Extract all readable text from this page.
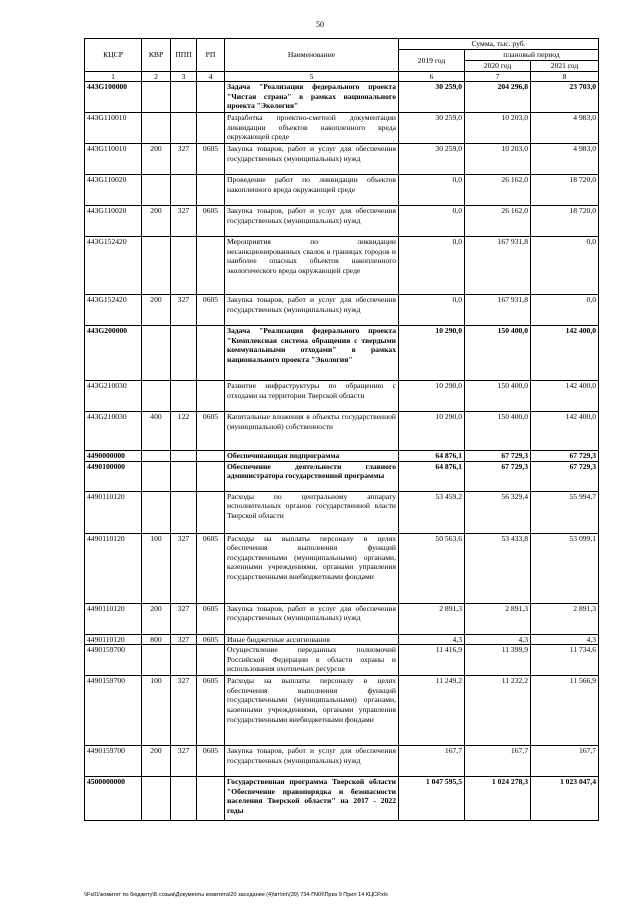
50
КЦСР	КВР	ППП	РП	Наименование	Сумма, тыс. руб.		
					2019 год	плановый период	
						2020 год	2021 год
1	2	3	4	5	6	7	8
443G100000				Задача "Реализация федерального проекта "Чистая страна" в рамках национального проекта "Экология"	30 259,0	204 296,8	23 703,0
443G110010				Разработка проектно-сметной документации ликвидации объектов накопленного вреда окружающей среде	30 259,0	10 203,0	4 983,0
443G110010	200	327	0605	Закупка товаров, работ и услуг для обеспечения государственных (муниципальных) нужд	30 259,0	10 203,0	4 983,0
443G110020				Проведение работ по ликвидации объектов накопленного вреда окружающей среде	0,0	26 162,0	18 720,0
443G110020	200	327	0605	Закупка товаров, работ и услуг для обеспечения государственных (муниципальных) нужд	0,0	26 162,0	18 720,0
443G152420				Мероприятия по ликвидации несанкционированных свалок в границах городов и наиболее опасных объектов накопленного экологического вреда окружающей среде	0,0	167 931,8	0,0
443G152420	200	327	0605	Закупка товаров, работ и услуг для обеспечения государственных (муниципальных) нужд	0,0	167 931,8	0,0
443G200000				Задача "Реализация федерального проекта "Комплексная система обращения с твердыми коммунальными отходами" в рамках национального проекта "Экология"	10 290,0	150 400,0	142 400,0
443G210030				Развитие инфраструктуры по обращению с отходами на территории Тверской области	10 290,0	150 400,0	142 400,0
443G210030	400	122	0605	Капитальные вложения в объекты государственной (муниципальной) собственности	10 290,0	150 400,0	142 400,0
4490000000				Обеспечивающая подпрограмма	64 876,1	67 729,3	67 729,3
4490100000				Обеспечение деятельности главного администратора государственной программы	64 876,1	67 729,3	67 729,3
4490110120				Расходы по центральному аппарату исполнительных органов государственной власти Тверской области	53 459,2	56 329,4	55 994,7
4490110120	100	327	0605	Расходы на выплаты персоналу в целях обеспечения выполнения функций государственными (муниципальными) органами, казенными учреждениями, органами управления государственными внебюджетными фондами	50 563,6	53 433,8	53 099,1
4490110120	200	327	0605	Закупка товаров, работ и услуг для обеспечения государственных (муниципальных) нужд	2 891,3	2 891,3	2 891,3
4490110120	800	327	0605	Иные бюджетные ассигнования	4,3	4,3	4,3
4490159700				Осуществление переданных полномочий Российской Федерации в области охраны и использования охотничьих ресурсов	11 416,9	11 399,9	11 734,6
4490159700	100	327	0605	Расходы на выплаты персоналу в целях обеспечения выполнения функций государственными (муниципальными) органами, казенными учреждениями, органами управления государственными внебюджетными фондами	11 249,2	11 232,2	11 566,9
4490159700	200	327	0605	Закупка товаров, работ и услуг для обеспечения государственных (муниципальных) нужд	167,7	167,7	167,7
4500000000				Государственная программа Тверской области "Обеспечение правопорядка и безопасности населения Тверской области" на 2017 - 2022 годы	1 047 595,5	1 024 278,3	1 023 047,4
\\Fs01\комитет по бюджету\Б созыв\Документы комитета\20 заседание (4)\вт\пп\(39) 734-П\Кб\Приз 9 Прил 14 КЦСР.xls
